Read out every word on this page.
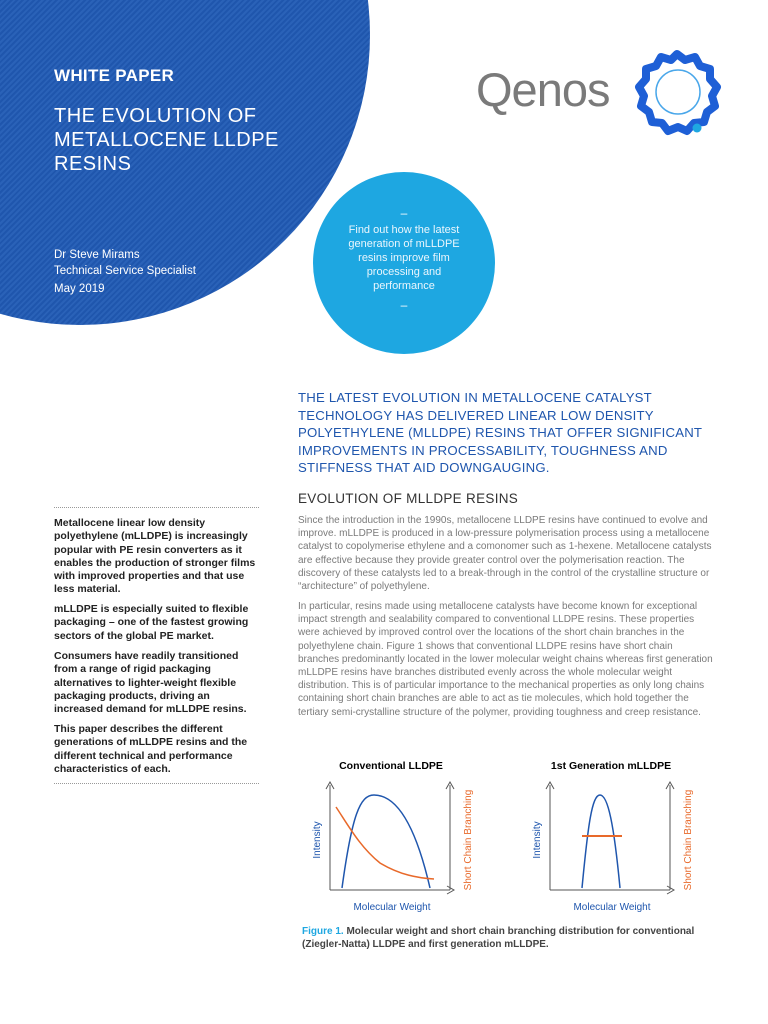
WHITE PAPER
THE EVOLUTION OF METALLOCENE LLDPE RESINS
Dr Steve Mirams
Technical Service Specialist
May 2019
–
Find out how the latest generation of mLLDPE resins improve film processing and performance
–
Qenos
THE LATEST EVOLUTION IN METALLOCENE CATALYST TECHNOLOGY HAS DELIVERED LINEAR LOW DENSITY POLYETHYLENE (MLLDPE) RESINS THAT OFFER SIGNIFICANT IMPROVEMENTS IN PROCESSABILITY, TOUGHNESS AND STIFFNESS THAT AID DOWNGAUGING.
EVOLUTION OF MLLDPE RESINS
Since the introduction in the 1990s, metallocene LLDPE resins have continued to evolve and improve. mLLDPE is produced in a low-pressure polymerisation process using a metallocene catalyst to copolymerise ethylene and a comonomer such as 1-hexene. Metallocene catalysts are effective because they provide greater control over the polymerisation reaction. The discovery of these catalysts led to a break-through in the control of the crystalline structure or “architecture” of polyethylene.
In particular, resins made using metallocene catalysts have become known for exceptional impact strength and sealability compared to conventional LLDPE resins. These properties were achieved by improved control over the locations of the short chain branches in the polyethylene chain. Figure 1 shows that conventional LLDPE resins have short chain branches predominantly located in the lower molecular weight chains whereas first generation mLLDPE resins have branches distributed evenly across the whole molecular weight distribution. This is of particular importance to the mechanical properties as only long chains containing short chain branches are able to act as tie molecules, which hold together the tertiary semi-crystalline structure of the polymer, providing toughness and creep resistance.
Metallocene linear low density polyethylene (mLLDPE) is increasingly popular with PE resin converters as it enables the production of stronger films with improved properties and that use less material.
mLLDPE is especially suited to flexible packaging – one of the fastest growing sectors of the global PE market.
Consumers have readily transitioned from a range of rigid packaging alternatives to lighter-weight flexible packaging products, driving an increased demand for mLLDPE resins.
This paper describes the different generations of mLLDPE resins and the different technical and performance characteristics of each.	Conventional LLDPE
Intensity	Short Chain Branching
Molecular Weight
1st Generation mLLDPE
Intensity	Short Chain Branching
Molecular Weight
Figure 1. Molecular weight and short chain branching distribution for conventional (Ziegler-Natta) LLDPE and first generation mLLDPE.
